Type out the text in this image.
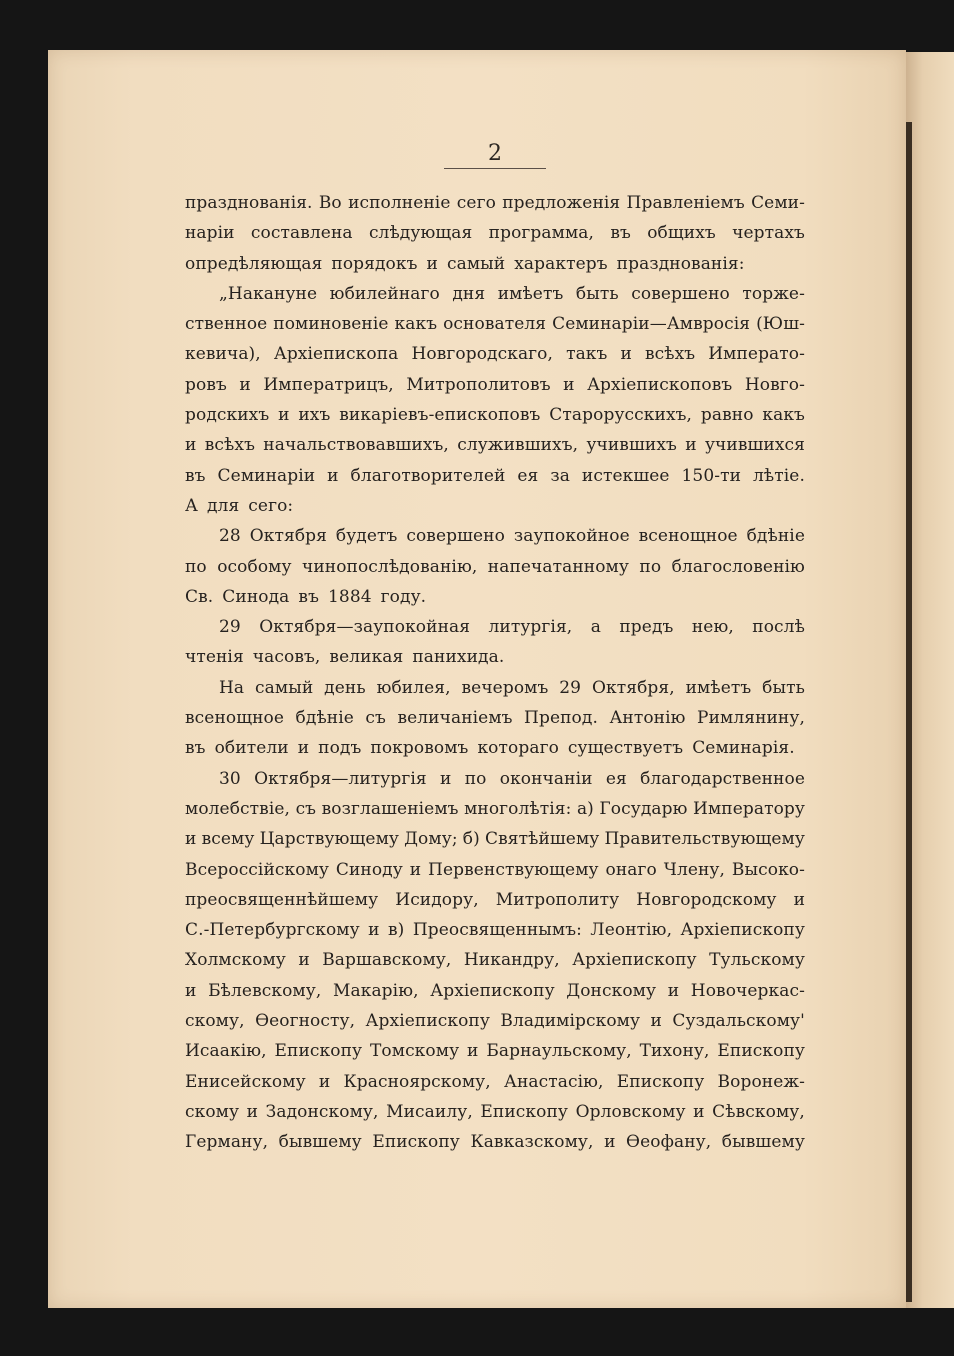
2
празднованія. Во исполненіе сего предложенія Правленіемъ Семи-
наріи составлена слѣдующая программа, въ общихъ чертахъ
опредѣляющая порядокъ и самый характеръ празднованія:
„Накануне юбилейнаго дня имѣетъ быть совершено торже-
ственное поминовеніе какъ основателя Семинаріи—Амвросія (Юш-
кевича), Архіепископа Новгородскаго, такъ и всѣхъ Императо-
ровъ и Императрицъ, Митрополитовъ и Архіепископовъ Новго-
родскихъ и ихъ викаріевъ-епископовъ Старорусскихъ, равно какъ
и всѣхъ начальствовавшихъ, служившихъ, учившихъ и учившихся
въ Семинаріи и благотворителей ея за истекшее 150-ти лѣтіе.
А для сего:
28 Октября будетъ совершено заупокойное всенощное бдѣніе
по особому чинопослѣдованію, напечатанному по благословенію
Св. Синода въ 1884 году.
29 Октября—заупокойная литургія, а предъ нею, послѣ
чтенія часовъ, великая панихида.
На самый день юбилея, вечеромъ 29 Октября, имѣетъ быть
всенощное бдѣніе съ величаніемъ Препод. Антонію Римлянину,
въ обители и подъ покровомъ котораго существуетъ Семинарія.
30 Октября—литургія и по окончаніи ея благодарственное
молебствіе, съ возглашеніемъ многолѣтія: а) Государю Императору
и всему Царствующему Дому; б) Святѣйшему Правительствующему
Всероссійскому Синоду и Первенствующему онаго Члену, Высоко-
преосвященнѣйшему Исидору, Митрополиту Новгородскому и
С.-Петербургскому и в) Преосвященнымъ: Леонтію, Архіепископу
Холмскому и Варшавскому, Никандру, Архіепископу Тульскому
и Бѣлевскому, Макарію, Архіепископу Донскому и Новочеркас-
скому, Ѳеогносту, Архіепископу Владимірскому и Суздальскому'
Исаакію, Епископу Томскому и Барнаульскому, Тихону, Епископу
Енисейскому и Красноярскому, Анастасію, Епископу Воронеж-
скому и Задонскому, Мисаилу, Епископу Орловскому и Сѣвскому,
Герману, бывшему Епископу Кавказскому, и Ѳеофану, бывшему
